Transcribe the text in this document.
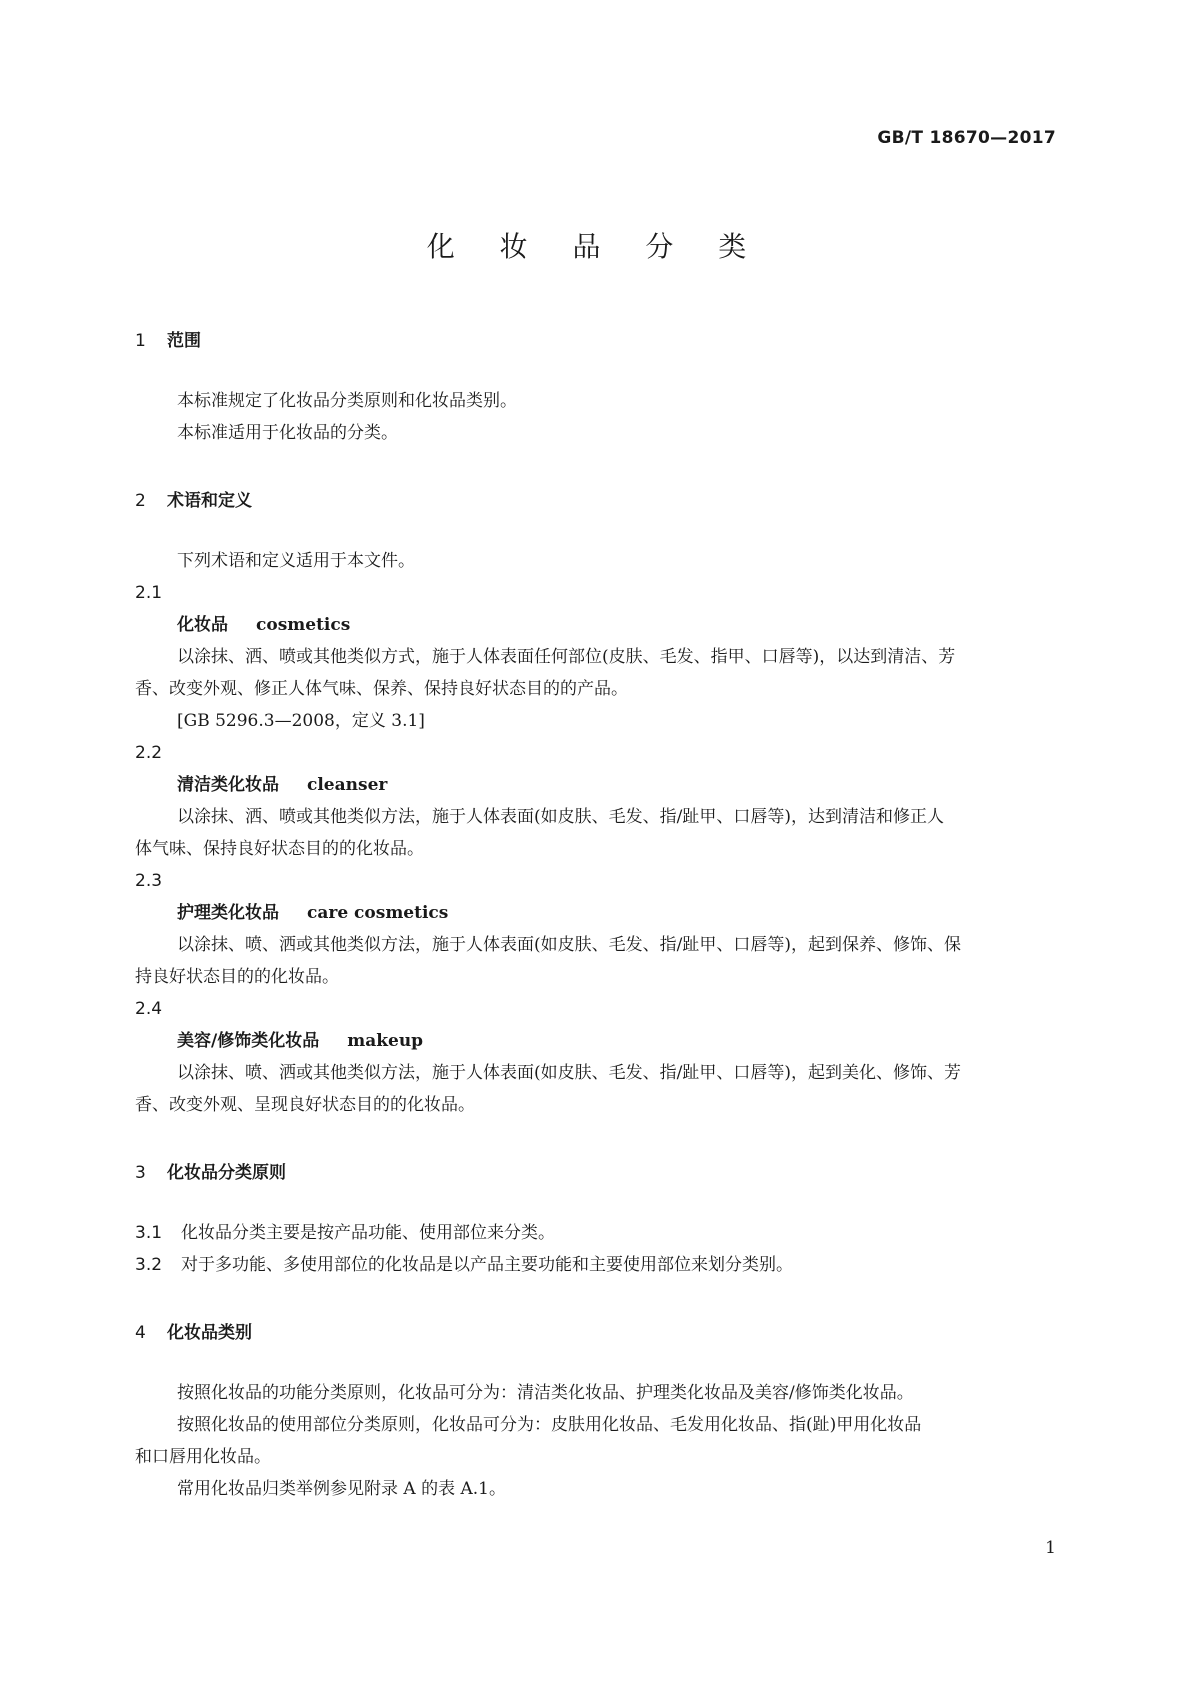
GB/T 18670—2017
化 妆 品 分 类
1 范围

本标准规定了化妆品分类原则和化妆品类别。

本标准适用于化妆品的分类。

2 术语和定义

下列术语和定义适用于本文件。

2.1

化妆品 cosmetics

以涂抹、洒、喷或其他类似方式，施于人体表面任何部位(皮肤、毛发、指甲、口唇等)，以达到清洁、芳

香、改变外观、修正人体气味、保养、保持良好状态目的的产品。

[GB 5296.3—2008，定义 3.1]

2.2

清洁类化妆品 cleanser

以涂抹、洒、喷或其他类似方法，施于人体表面(如皮肤、毛发、指/趾甲、口唇等)，达到清洁和修正人

体气味、保持良好状态目的的化妆品。

2.3

护理类化妆品 care cosmetics

以涂抹、喷、洒或其他类似方法，施于人体表面(如皮肤、毛发、指/趾甲、口唇等)，起到保养、修饰、保

持良好状态目的的化妆品。

2.4

美容/修饰类化妆品 makeup

以涂抹、喷、洒或其他类似方法，施于人体表面(如皮肤、毛发、指/趾甲、口唇等)，起到美化、修饰、芳

香、改变外观、呈现良好状态目的的化妆品。

3 化妆品分类原则

3.1 化妆品分类主要是按产品功能、使用部位来分类。

3.2 对于多功能、多使用部位的化妆品是以产品主要功能和主要使用部位来划分类别。

4 化妆品类别

按照化妆品的功能分类原则，化妆品可分为：清洁类化妆品、护理类化妆品及美容/修饰类化妆品。

按照化妆品的使用部位分类原则，化妆品可分为：皮肤用化妆品、毛发用化妆品、指(趾)甲用化妆品

和口唇用化妆品。

常用化妆品归类举例参见附录 A 的表 A.1。

1
